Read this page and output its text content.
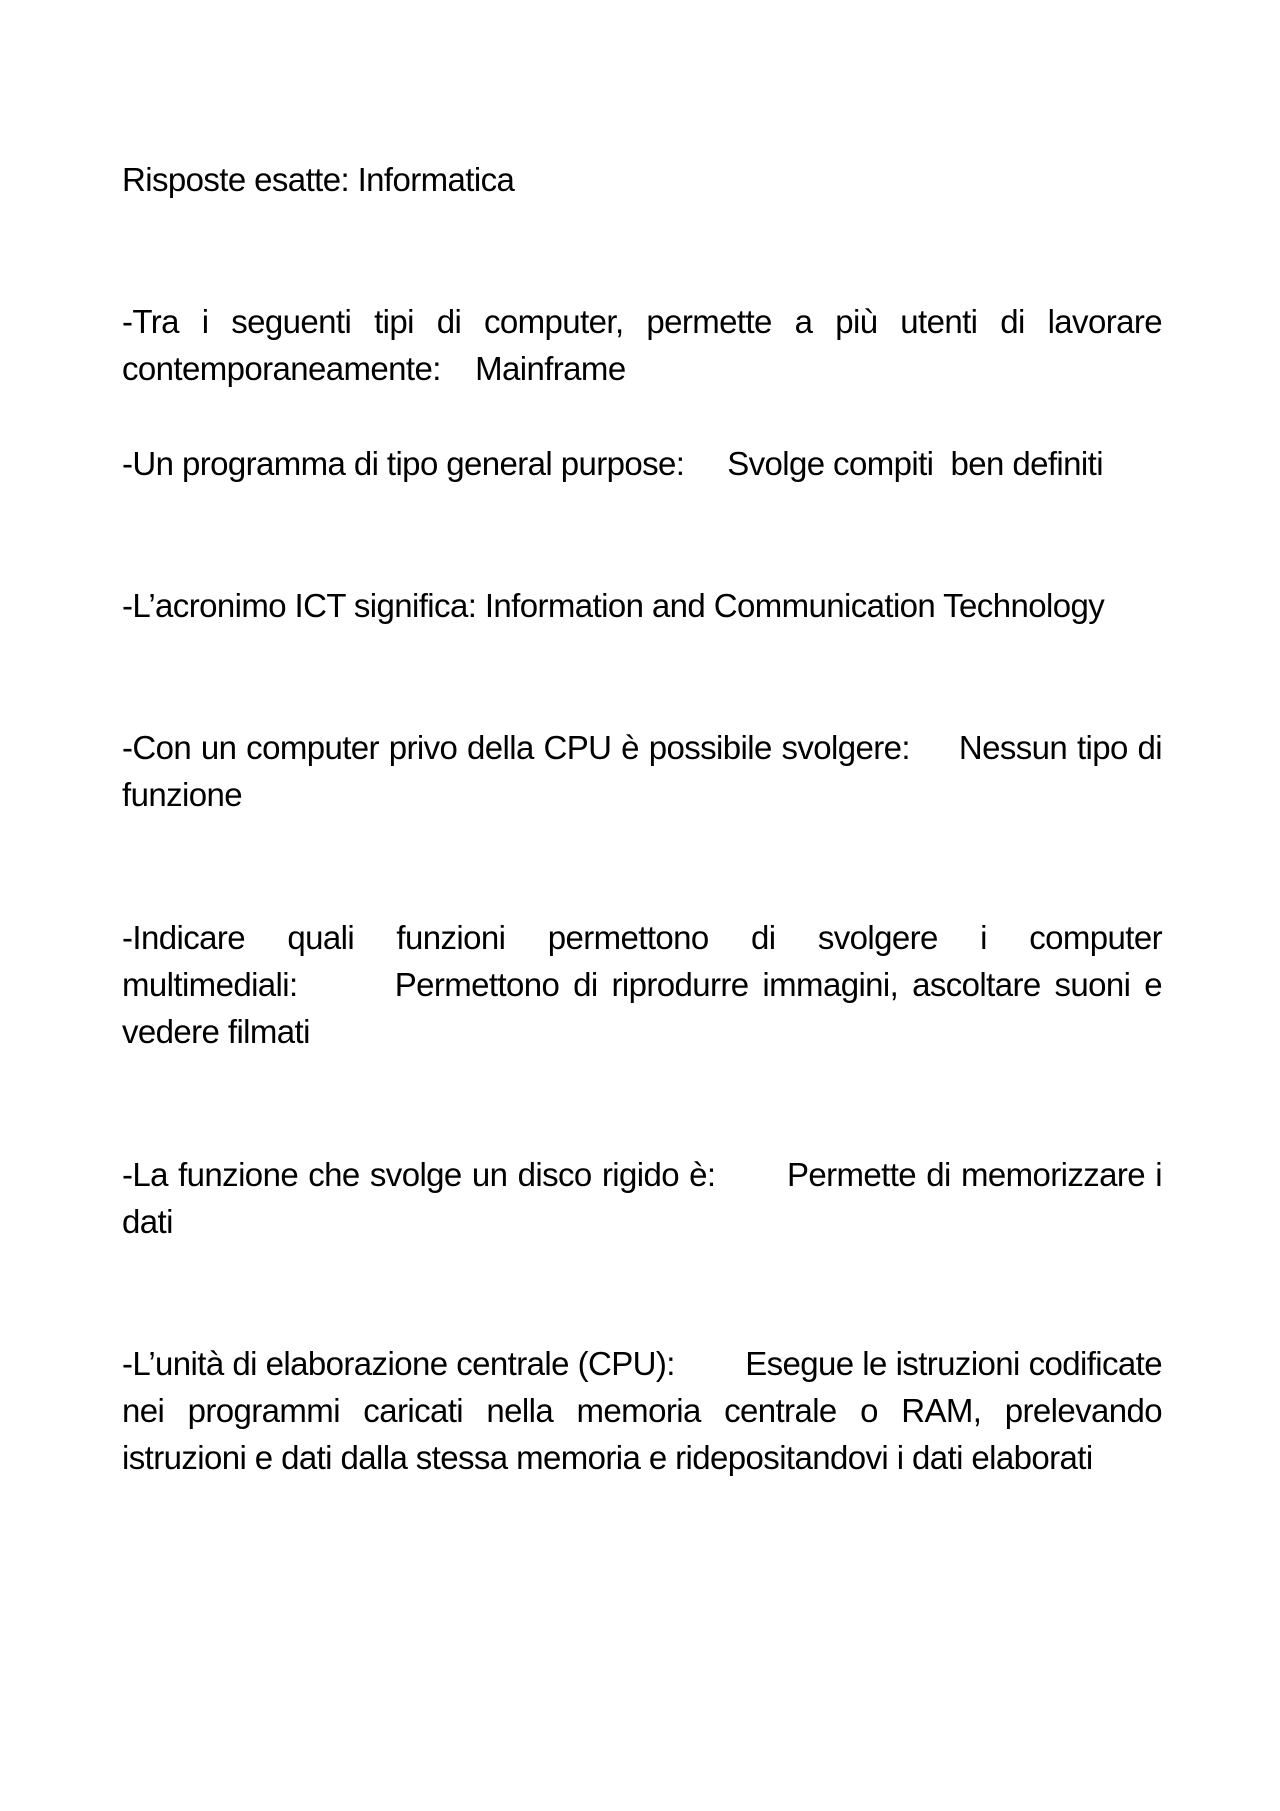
Risposte esatte: Informatica
-Tra i seguenti tipi di computer, permette a più utenti di lavorare contemporaneamente: Mainframe
-Un programma di tipo general purpose: Svolge compiti  ben definiti
-L’acronimo ICT significa: Information and Communication Technology
-Con un computer privo della CPU è possibile svolgere: Nessun tipo di funzione
-Indicare quali funzioni permettono di svolgere i computer multimediali:	Permettono di riprodurre immagini, ascoltare suoni e vedere filmati
-La funzione che svolge un disco rigido è: Permette di memorizzare i dati
-L’unità di elaborazione centrale (CPU): Esegue le istruzioni codificate nei programmi caricati nella memoria centrale o RAM, prelevando istruzioni e dati dalla stessa memoria e ridepositandovi i dati elaborati
